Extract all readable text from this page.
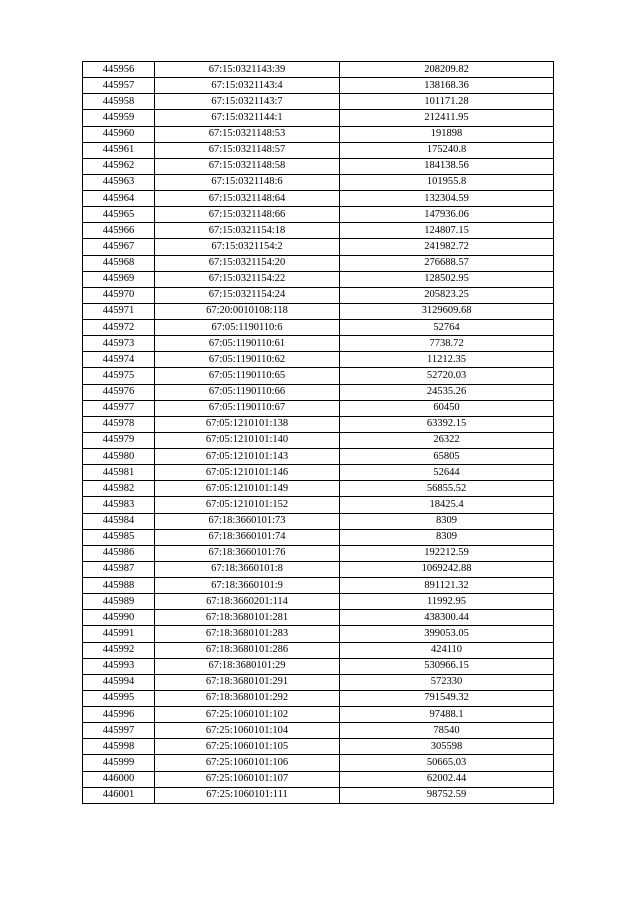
445956	67:15:0321143:39	208209.82
445957	67:15:0321143:4	138168.36
445958	67:15:0321143:7	101171.28
445959	67:15:0321144:1	212411.95
445960	67:15:0321148:53	191898
445961	67:15:0321148:57	175240.8
445962	67:15:0321148:58	184138.56
445963	67:15:0321148:6	101955.8
445964	67:15:0321148:64	132304.59
445965	67:15:0321148:66	147936.06
445966	67:15:0321154:18	124807.15
445967	67:15:0321154:2	241982.72
445968	67:15:0321154:20	276688.57
445969	67:15:0321154:22	128502.95
445970	67:15:0321154:24	205823.25
445971	67:20:0010108:118	3129609.68
445972	67:05:1190110:6	52764
445973	67:05:1190110:61	7738.72
445974	67:05:1190110:62	11212.35
445975	67:05:1190110:65	52720.03
445976	67:05:1190110:66	24535.26
445977	67:05:1190110:67	60450
445978	67:05:1210101:138	63392.15
445979	67:05:1210101:140	26322
445980	67:05:1210101:143	65805
445981	67:05:1210101:146	52644
445982	67:05:1210101:149	56855.52
445983	67:05:1210101:152	18425.4
445984	67:18:3660101:73	8309
445985	67:18:3660101:74	8309
445986	67:18:3660101:76	192212.59
445987	67:18:3660101:8	1069242.88
445988	67:18:3660101:9	891121.32
445989	67:18:3660201:114	11992.95
445990	67:18:3680101:281	438300.44
445991	67:18:3680101:283	399053.05
445992	67:18:3680101:286	424110
445993	67:18:3680101:29	530966.15
445994	67:18:3680101:291	572330
445995	67:18:3680101:292	791549.32
445996	67:25:1060101:102	97488.1
445997	67:25:1060101:104	78540
445998	67:25:1060101:105	305598
445999	67:25:1060101:106	50665.03
446000	67:25:1060101:107	62002.44
446001	67:25:1060101:111	98752.59
